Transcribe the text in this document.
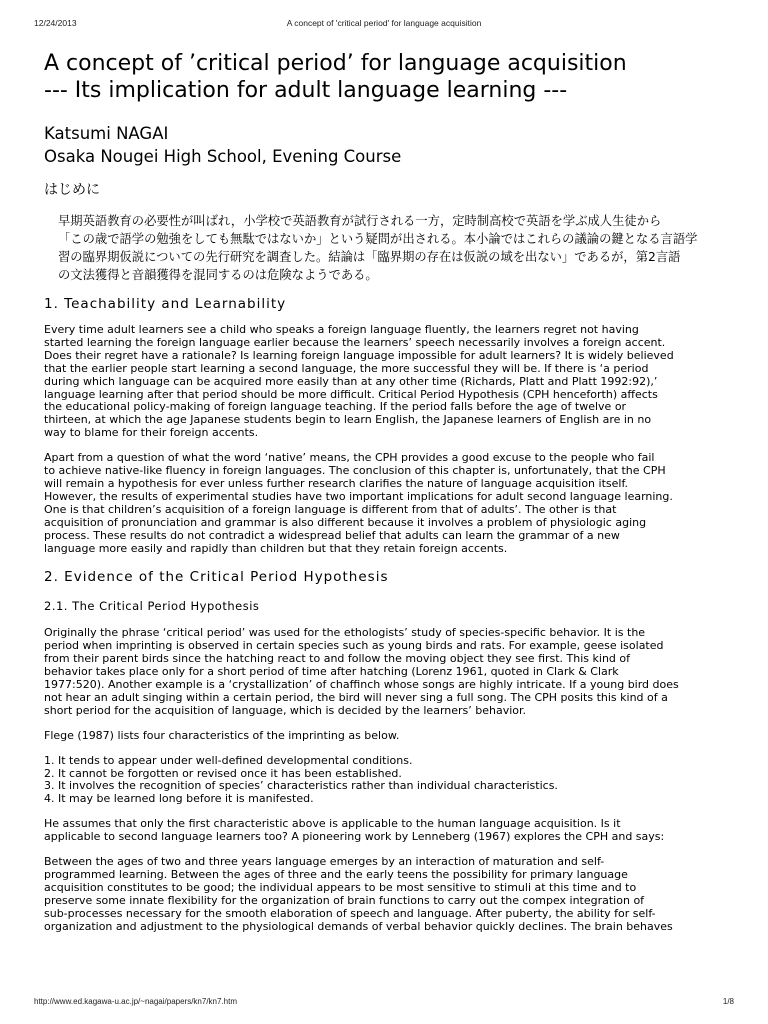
12/24/2013	A concept of 'critical period' for language acquisition
A concept of ’critical period’ for language acquisition
--- Its implication for adult language learning ---
Katsumi NAGAI
Osaka Nougei High School, Evening Course
はじめに
早期英語教育の必要性が叫ばれ，小学校で英語教育が試行される一方，定時制高校で英語を学ぶ成人生徒から
「この歳で語学の勉強をしても無駄ではないか」という疑問が出される。本小論ではこれらの議論の鍵となる言語学
習の臨界期仮説についての先行研究を調査した。結論は「臨界期の存在は仮説の域を出ない」であるが，第2言語
の文法獲得と音韻獲得を混同するのは危険なようである。
1. Teachability and Learnability
Every time adult learners see a child who speaks a foreign language fluently, the learners regret not having
started learning the foreign language earlier because the learners’ speech necessarily involves a foreign accent.
Does their regret have a rationale? Is learning foreign language impossible for adult learners? It is widely believed
that the earlier people start learning a second language, the more successful they will be. If there is ‘a period
during which language can be acquired more easily than at any other time (Richards, Platt and Platt 1992:92),’
language learning after that period should be more difficult. Critical Period Hypothesis (CPH henceforth) affects
the educational policy-making of foreign language teaching. If the period falls before the age of twelve or
thirteen, at which the age Japanese students begin to learn English, the Japanese learners of English are in no
way to blame for their foreign accents.
Apart from a question of what the word ‘native’ means, the CPH provides a good excuse to the people who fail
to achieve native-like fluency in foreign languages. The conclusion of this chapter is, unfortunately, that the CPH
will remain a hypothesis for ever unless further research clarifies the nature of language acquisition itself.
However, the results of experimental studies have two important implications for adult second language learning.
One is that children’s acquisition of a foreign language is different from that of adults’. The other is that
acquisition of pronunciation and grammar is also different because it involves a problem of physiologic aging
process. These results do not contradict a widespread belief that adults can learn the grammar of a new
language more easily and rapidly than children but that they retain foreign accents.
2. Evidence of the Critical Period Hypothesis
2.1. The Critical Period Hypothesis
Originally the phrase ‘critical period’ was used for the ethologists’ study of species-specific behavior. It is the
period when imprinting is observed in certain species such as young birds and rats. For example, geese isolated
from their parent birds since the hatching react to and follow the moving object they see first. This kind of
behavior takes place only for a short period of time after hatching (Lorenz 1961, quoted in Clark & Clark
1977:520). Another example is a ‘crystallization’ of chaffinch whose songs are highly intricate. If a young bird does
not hear an adult singing within a certain period, the bird will never sing a full song. The CPH posits this kind of a
short period for the acquisition of language, which is decided by the learners’ behavior.
Flege (1987) lists four characteristics of the imprinting as below.
1. It tends to appear under well-defined developmental conditions.
2. It cannot be forgotten or revised once it has been established.
3. It involves the recognition of species’ characteristics rather than individual characteristics.
4. It may be learned long before it is manifested.
He assumes that only the first characteristic above is applicable to the human language acquisition. Is it
applicable to second language learners too? A pioneering work by Lenneberg (1967) explores the CPH and says:
Between the ages of two and three years language emerges by an interaction of maturation and self-
programmed learning. Between the ages of three and the early teens the possibility for primary language
acquisition constitutes to be good; the individual appears to be most sensitive to stimuli at this time and to
preserve some innate flexibility for the organization of brain functions to carry out the compex integration of
sub-processes necessary for the smooth elaboration of speech and language. After puberty, the ability for self-
organization and adjustment to the physiological demands of verbal behavior quickly declines. The brain behaves
http://www.ed.kagawa-u.ac.jp/~nagai/papers/kn7/kn7.htm	1/8
